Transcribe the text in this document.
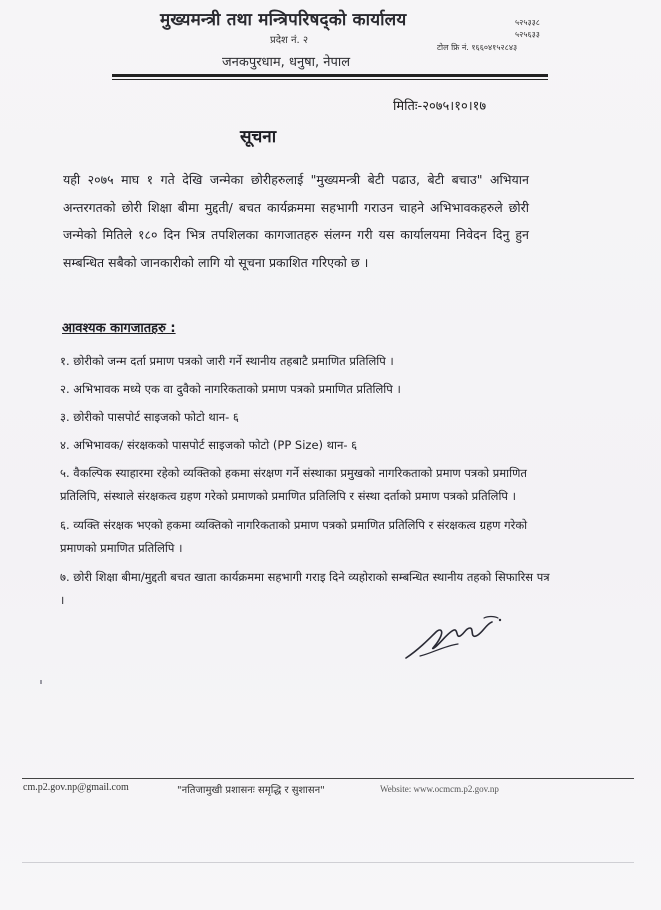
मुख्यमन्त्री तथा मन्त्रिपरिषद्‌को कार्यालय
प्रदेश नं. २
जनकपुरधाम, धनुषा, नेपाल
५२५३३८
५२५६३३
टोल फ्रि नं. १६६०४१५२८४३
मितिः-२०७५।१०।१७
सूचना

यही २०७५ माघ १ गते देखि जन्मेका छोरीहरुलाई "मुख्यमन्त्री बेटी पढाउ, बेटी बचाउ" अभियान अन्तरगतको छोरी शिक्षा बीमा मुद्दती/ बचत कार्यक्रममा सहभागी गराउन चाहने अभिभावकहरुले छोरी जन्मेको मितिले १८० दिन भित्र तपशिलका कागजातहरु संलग्न गरी यस कार्यालयमा निवेदन दिनु हुन सम्बन्धित सबैको जानकारीको लागि यो सूचना प्रकाशित गरिएको छ ।

आवश्यक कागजातहरु :
१. छोरीको जन्म दर्ता प्रमाण पत्रको जारी गर्ने स्थानीय तहबाटै प्रमाणित प्रतिलिपि ।
२. अभिभावक मध्ये एक वा दुवैको नागरिकताको प्रमाण पत्रको प्रमाणित प्रतिलिपि ।
३. छोरीको पासपोर्ट साइजको फोटो थान- ६
४. अभिभावक/ संरक्षकको पासपोर्ट साइजको फोटो (PP Size) थान- ६
५. वैकल्पिक स्याहारमा रहेको व्यक्तिको हकमा संरक्षण गर्ने संस्थाका प्रमुखको नागरिकताको प्रमाण पत्रको प्रमाणित प्रतिलिपि, संस्थाले संरक्षकत्व ग्रहण गरेको प्रमाणको प्रमाणित प्रतिलिपि र संस्था दर्ताको प्रमाण पत्रको प्रतिलिपि ।
६. व्यक्ति संरक्षक भएको हकमा व्यक्तिको नागरिकताको प्रमाण पत्रको प्रमाणित प्रतिलिपि र संरक्षकत्व ग्रहण गरेको प्रमाणको प्रमाणित प्रतिलिपि ।
७. छोरी शिक्षा बीमा/मुद्दती बचत खाता कार्यक्रममा सहभागी गराइ दिने व्यहोराको सम्बन्धित स्थानीय तहको सिफारिस पत्र ।
cm.p2.gov.np@gmail.com	"नतिजामुखी प्रशासनः समृद्धि र सुशासन"	Website: www.ocmcm.p2.gov.np
